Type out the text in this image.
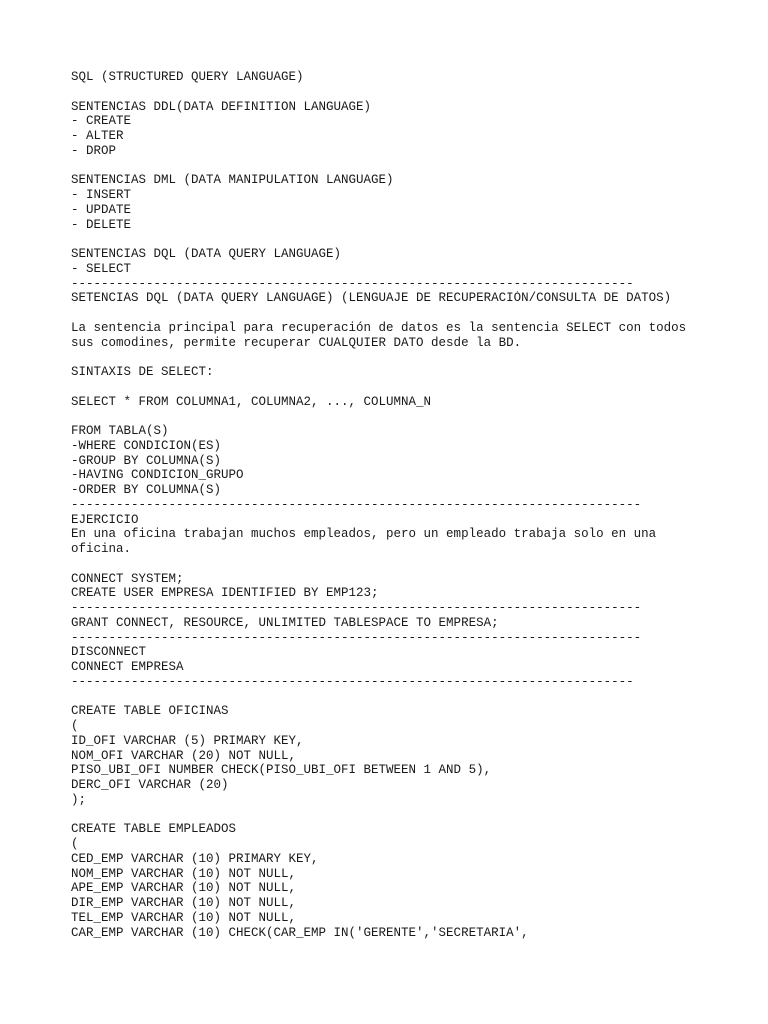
SQL (STRUCTURED QUERY LANGUAGE)
SENTENCIAS DDL(DATA DEFINITION LANGUAGE)
- CREATE
- ALTER
- DROP
SENTENCIAS DML (DATA MANIPULATION LANGUAGE)
- INSERT
- UPDATE
- DELETE
SENTENCIAS DQL (DATA QUERY LANGUAGE)
- SELECT
---------------------------------------------------------------------------
SETENCIAS DQL (DATA QUERY LANGUAGE) (LENGUAJE DE RECUPERACIÓN/CONSULTA DE DATOS)
La sentencia principal para recuperación de datos es la sentencia SELECT con todos
sus comodines, permite recuperar CUALQUIER DATO desde la BD.
SINTAXIS DE SELECT:
SELECT * FROM COLUMNA1, COLUMNA2, ..., COLUMNA_N
FROM TABLA(S)
-WHERE CONDICION(ES)
-GROUP BY COLUMNA(S)
-HAVING CONDICION_GRUPO
-ORDER BY COLUMNA(S)
----------------------------------------------------------------------------
EJERCICIO
En una oficina trabajan muchos empleados, pero un empleado trabaja solo en una
oficina.
CONNECT SYSTEM;
CREATE USER EMPRESA IDENTIFIED BY EMP123;
----------------------------------------------------------------------------
GRANT CONNECT, RESOURCE, UNLIMITED TABLESPACE TO EMPRESA;
----------------------------------------------------------------------------
DISCONNECT
CONNECT EMPRESA
---------------------------------------------------------------------------
CREATE TABLE OFICINAS
(
ID_OFI VARCHAR (5) PRIMARY KEY,
NOM_OFI VARCHAR (20) NOT NULL,
PISO_UBI_OFI NUMBER CHECK(PISO_UBI_OFI BETWEEN 1 AND 5),
DERC_OFI VARCHAR (20)
);
CREATE TABLE EMPLEADOS
(
CED_EMP VARCHAR (10) PRIMARY KEY,
NOM_EMP VARCHAR (10) NOT NULL,
APE_EMP VARCHAR (10) NOT NULL,
DIR_EMP VARCHAR (10) NOT NULL,
TEL_EMP VARCHAR (10) NOT NULL,
CAR_EMP VARCHAR (10) CHECK(CAR_EMP IN('GERENTE','SECRETARIA',
